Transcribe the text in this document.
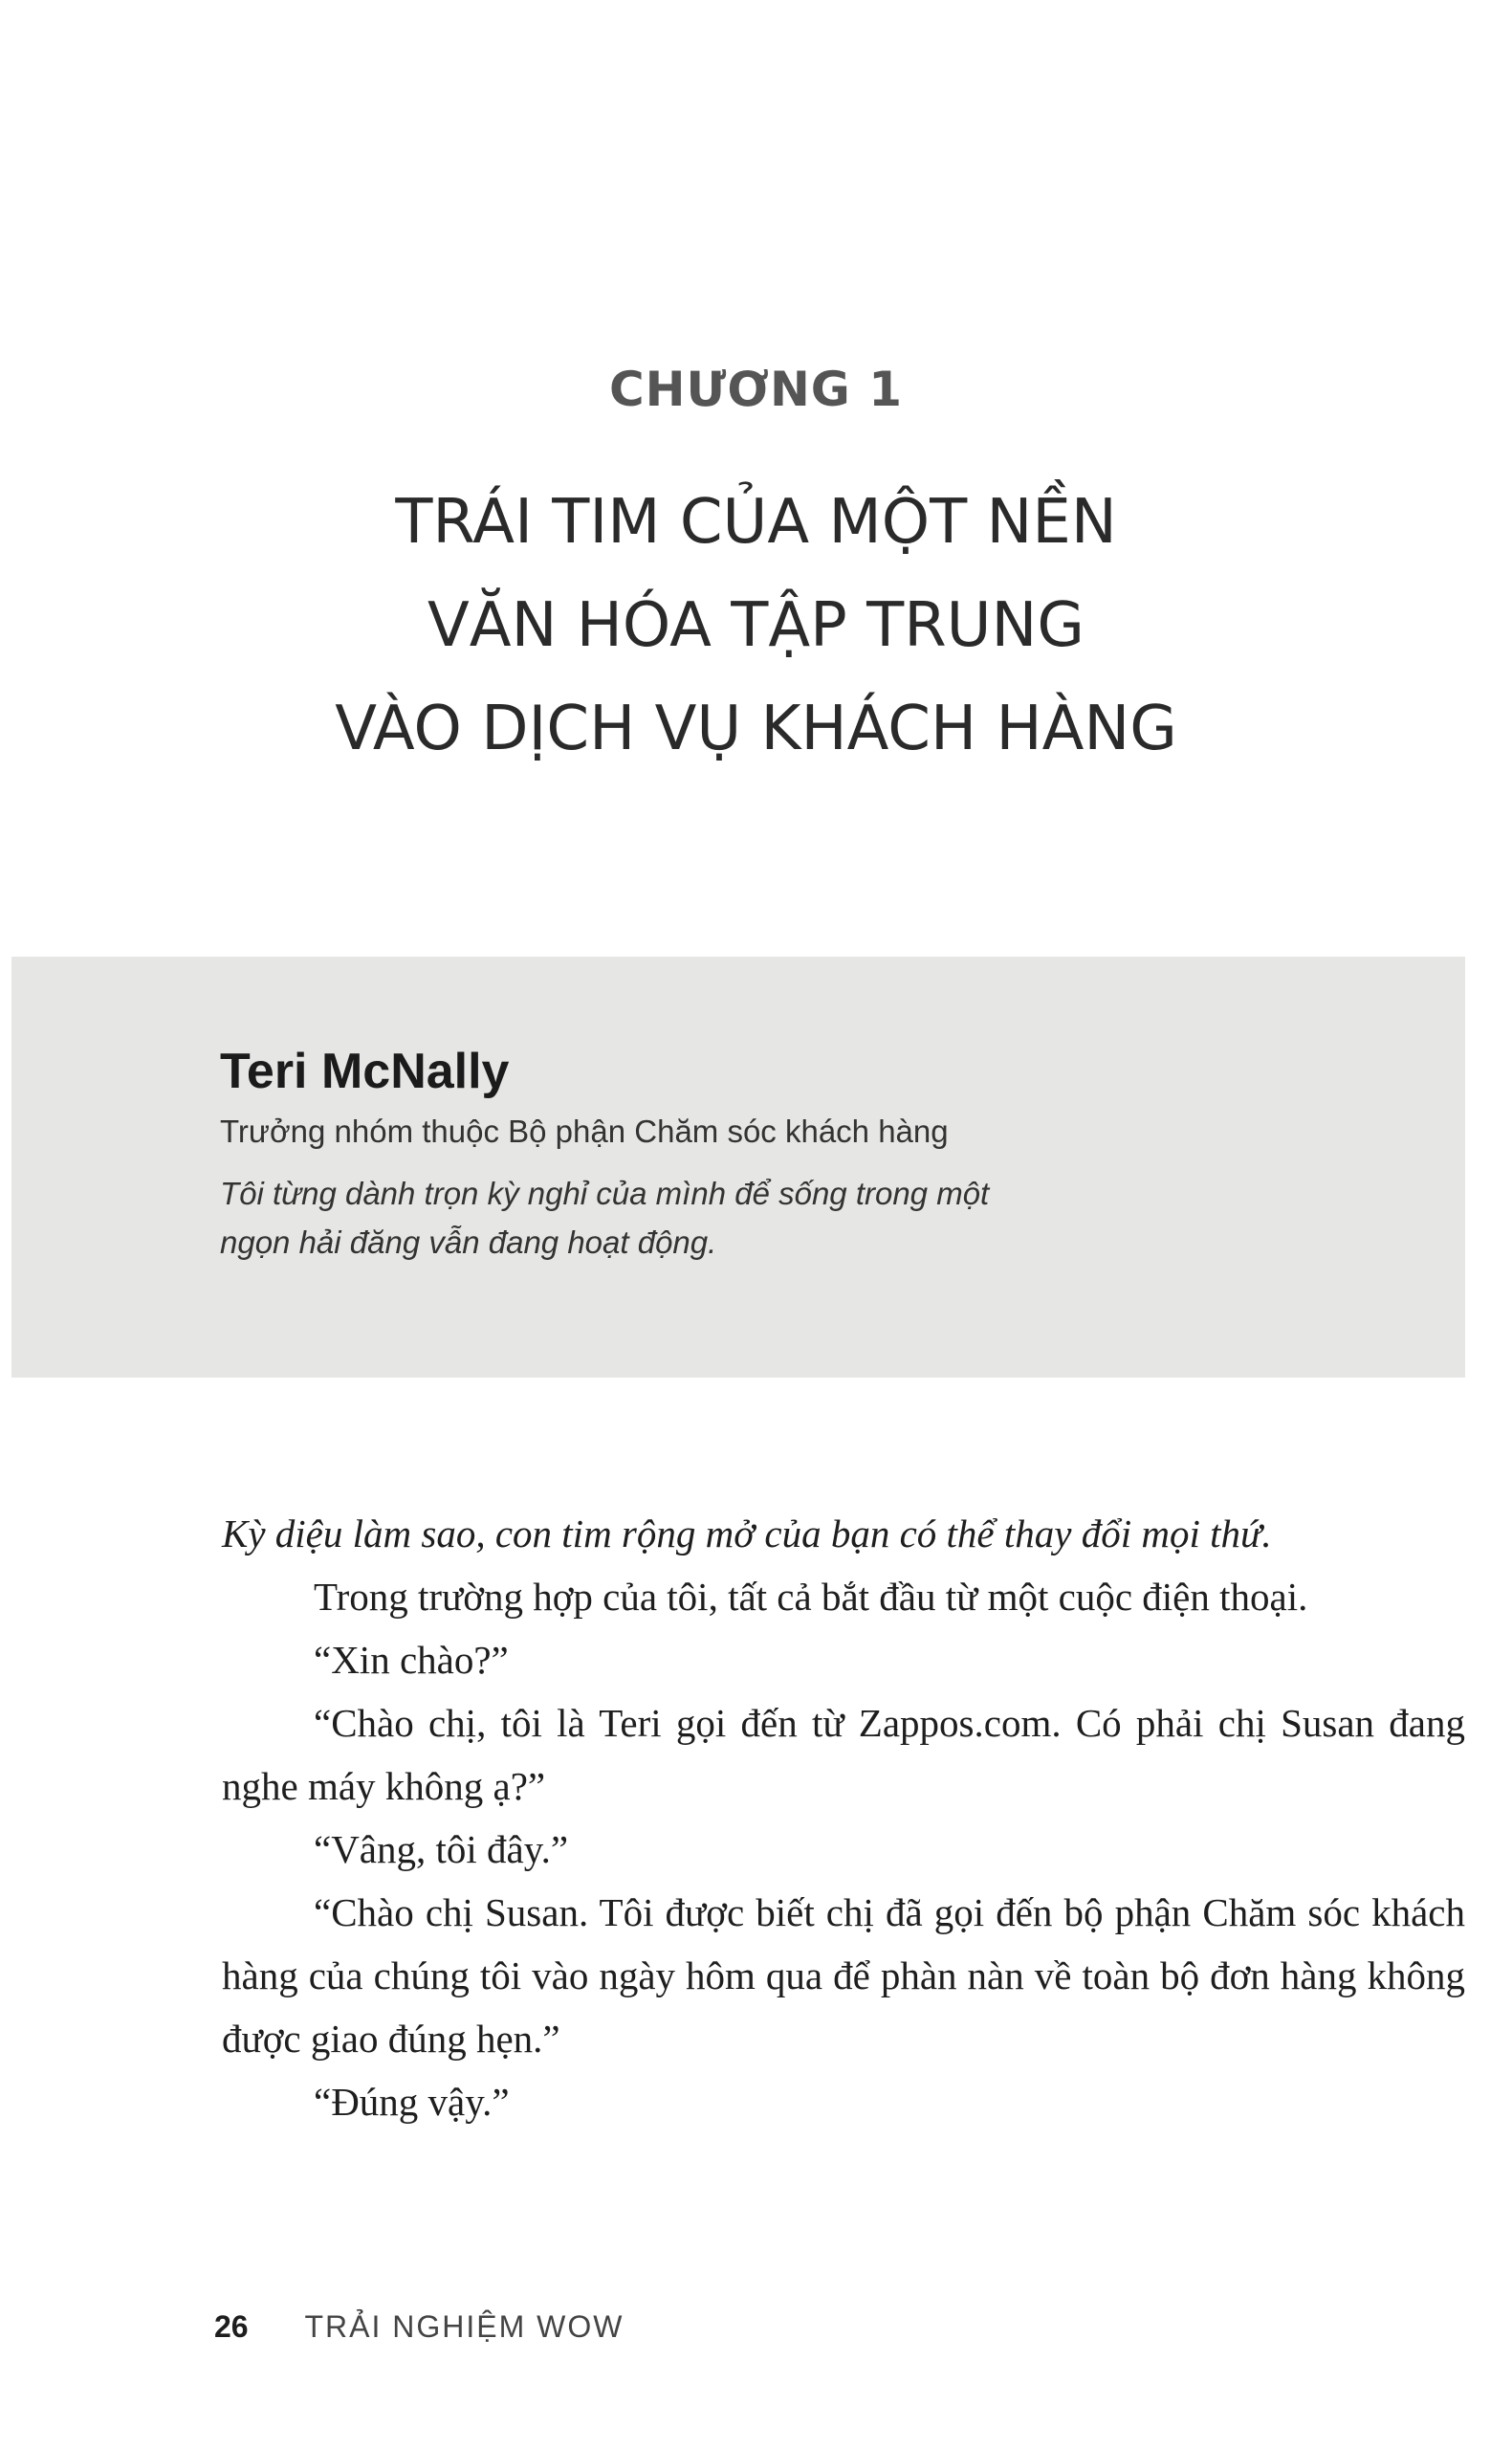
CHƯƠNG 1
TRÁI TIM CỦA MỘT NỀN
VĂN HÓA TẬP TRUNG
VÀO DỊCH VỤ KHÁCH HÀNG
Teri McNally
Trưởng nhóm thuộc Bộ phận Chăm sóc khách hàng
Tôi từng dành trọn kỳ nghỉ của mình để sống trong một
ngọn hải đăng vẫn đang hoạt động.

Kỳ diệu làm sao, con tim rộng mở của bạn có thể thay đổi mọi thứ.

Trong trường hợp của tôi, tất cả bắt đầu từ một cuộc điện thoại.

“Xin chào?”

“Chào chị, tôi là Teri gọi đến từ Zappos.com. Có phải chị Susan đang nghe máy không ạ?”

“Vâng, tôi đây.”

“Chào chị Susan. Tôi được biết chị đã gọi đến bộ phận Chăm sóc khách hàng của chúng tôi vào ngày hôm qua để phàn nàn về toàn bộ đơn hàng không được giao đúng hẹn.”

“Đúng vậy.”

26 TRẢI NGHIỆM WOW
